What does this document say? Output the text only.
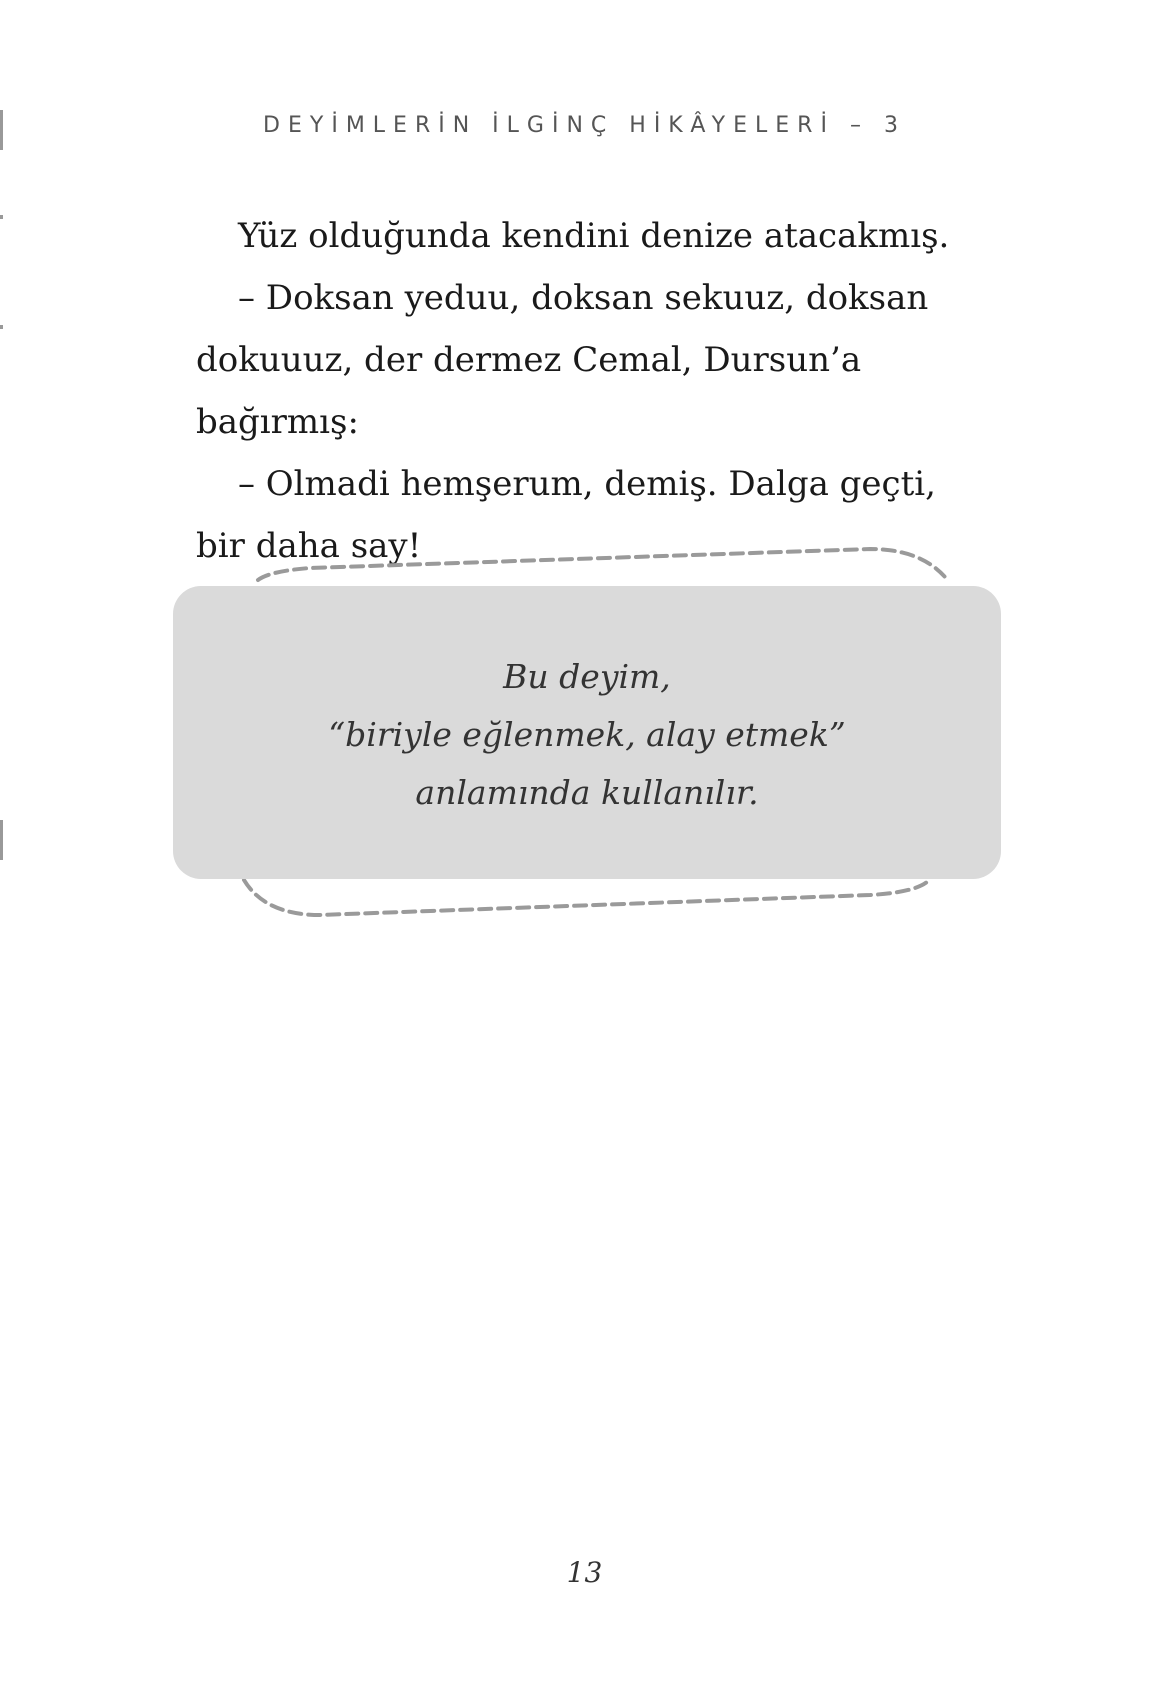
DEYİMLERİN İLGİNÇ HİKÂYELERİ – 3

Yüz olduğunda kendini denize atacakmış.

– Doksan yeduu, doksan sekuuz, doksan dokuuuz, der dermez Cemal, Dursun’a bağırmış:

– Olmadi hemşerum, demiş. Dalga geçti, bir daha say!

Bu deyim,
“biriyle eğlenmek, alay etmek”
anlamında kullanılır.
13
